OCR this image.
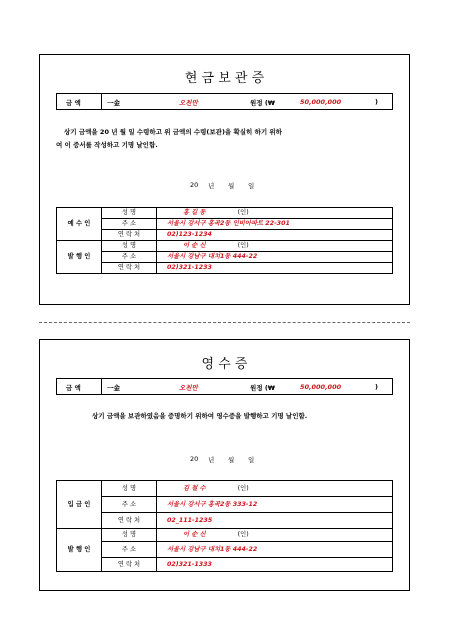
현 금 보 관 증
금 액	一金	오천만	원정 (₩	50,000,000	)
상기 금액을 20 년 월 일 수령하고 위 금액의 수령(보관)을 확실히 하기 위하
여 이 증서를 작성하고 기명 날인함.
20 년 월 일
예 수 인	성 명	홍 길 동 (인)
	주 소	서울시 강서구 홍곡2동 인비아파트 22-301
	연 락 처	02)123-1234
발 행 인	성 명	이 순 신 (인)
	주 소	서울시 강남구 대치1동 444-22
	연 락 처	02)321-1233
영 수 증
금 액	一金	오천만	원정 (₩	50,000,000	)
상기 금액을 보관하였음을 증명하기 위하여 영수증을 발행하고 기명 날인함.
20 년 월 일
입 금 인	성 명	김 철 수 (인)
	주 소	서울시 강서구 홍곡2동 333-12
	연 락 처	02_111-1235
발 행 인	성 명	이 순 신 (인)
	주 소	서울시 강남구 대치1동 444-22
	연 락 처	02)321-1333
